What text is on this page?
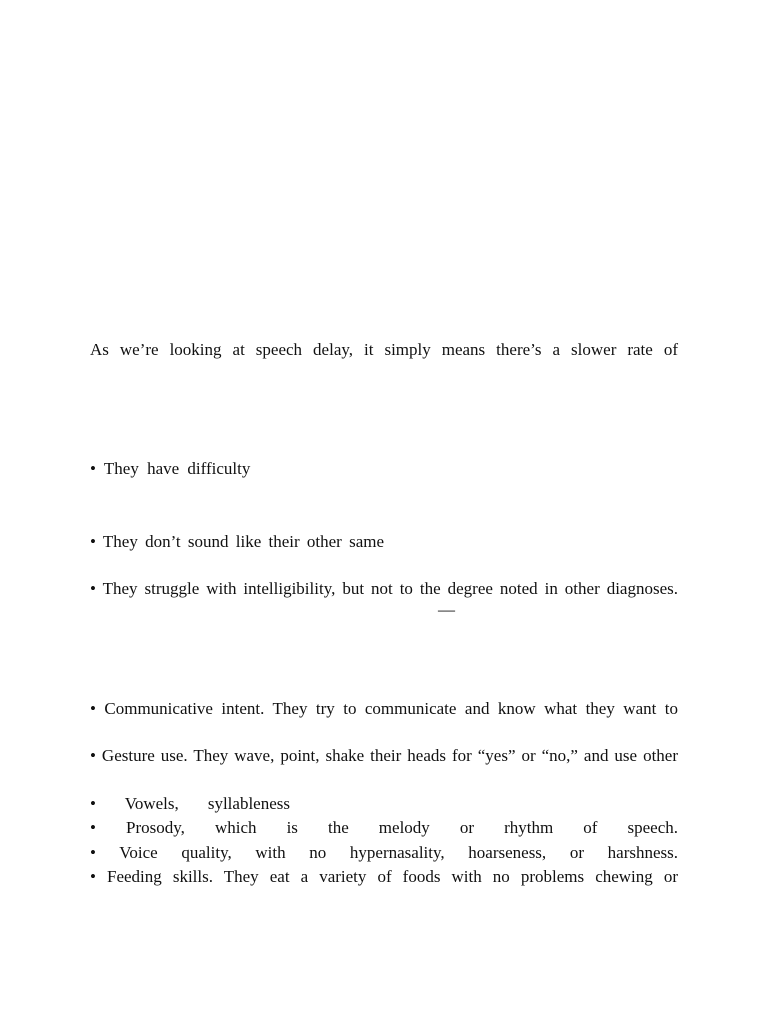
As we’re looking at speech delay, it simply means there’s a slower rate of
• They have difficulty
• They don’t sound like their other same
• They struggle with intelligibility, but not to the degree noted in other diagnoses.
—
• Communicative intent. They try to communicate and know what they want to
• Gesture use. They wave, point, shake their heads for “yes” or “no,” and use other
• Vowels, syllableness
• Prosody, which is the melody or rhythm of speech.
• Voice quality, with no hypernasality, hoarseness, or harshness.
• Feeding skills. They eat a variety of foods with no problems chewing or
